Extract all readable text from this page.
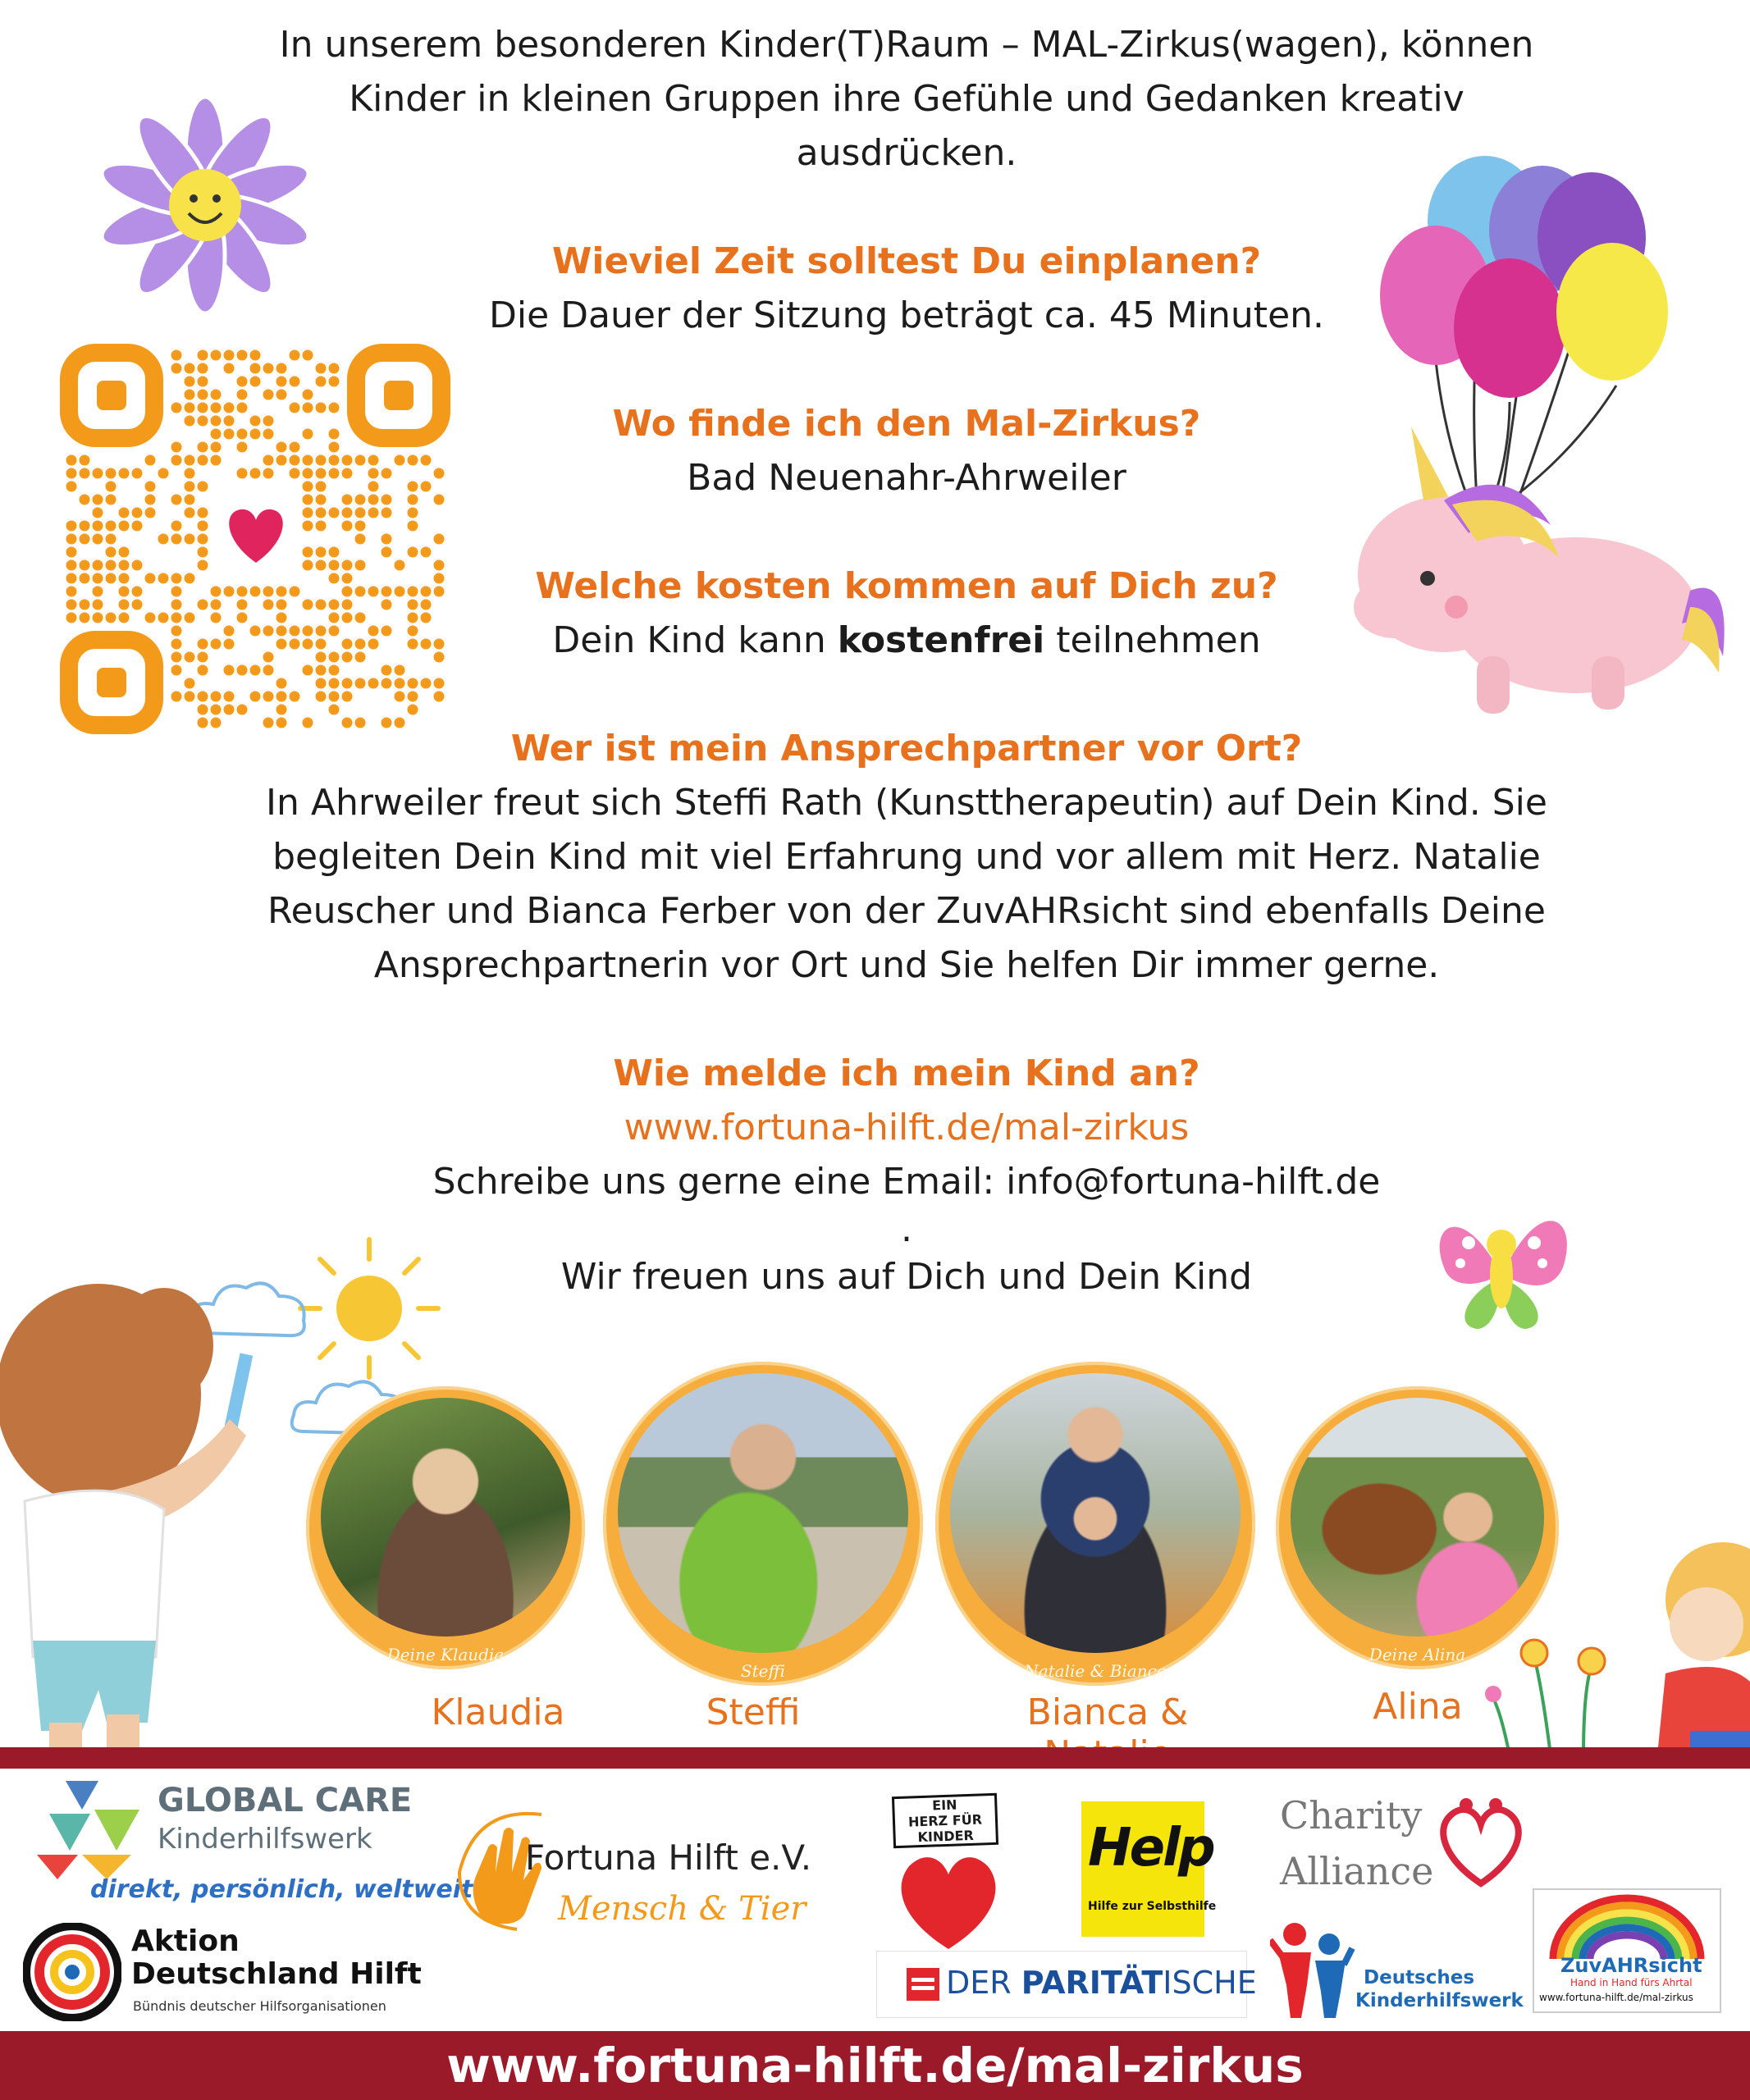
In unserem besonderen Kinder(T)Raum – MAL-Zirkus(wagen), können Kinder in kleinen Gruppen ihre Gefühle und Gedanken kreativ ausdrücken.

Wieviel Zeit solltest Du einplanen?

Die Dauer der Sitzung beträgt ca. 45 Minuten.

Wo finde ich den Mal-Zirkus?

Bad Neuenahr-Ahrweiler

Welche kosten kommen auf Dich zu?

Dein Kind kann kostenfrei teilnehmen

Wer ist mein Ansprechpartner vor Ort?

In Ahrweiler freut sich Steffi Rath (Kunsttherapeutin) auf Dein Kind. Sie begleiten Dein Kind mit viel Erfahrung und vor allem mit Herz. Natalie Reuscher und Bianca Ferber von der ZuvAHRsicht sind ebenfalls Deine Ansprechpartnerin vor Ort und Sie helfen Dir immer gerne.

Wie melde ich mein Kind an?

www.fortuna-hilft.de/mal-zirkus

Schreibe uns gerne eine Email: info@fortuna-hilft.de

.

Wir freuen uns auf Dich und Dein Kind

Deine Klaudia
Steffi	Natalie & Bianca
Deine Alina
Klaudia	Steffi	Bianca &	Alina
GLOBAL CARE
Kinderhilfswerk
direkt, persönlich, weltweit
Aktion
Deutschland Hilft
Bündnis deutscher Hilfsorganisationen
Fortuna Hilft e.V.
Mensch & Tier
EIN
HERZ FÜR
KINDER	Help
Hilfe zur Selbsthilfe
DER PARITÄTISCHE
Charity
Alliance
Deutsches
Kinderhilfswerk
ZuvAHRsicht
Hand in Hand fürs Ahrtal
www.fortuna-hilft.de/mal-zirkus
www.fortuna-hilft.de/mal-zirkus
